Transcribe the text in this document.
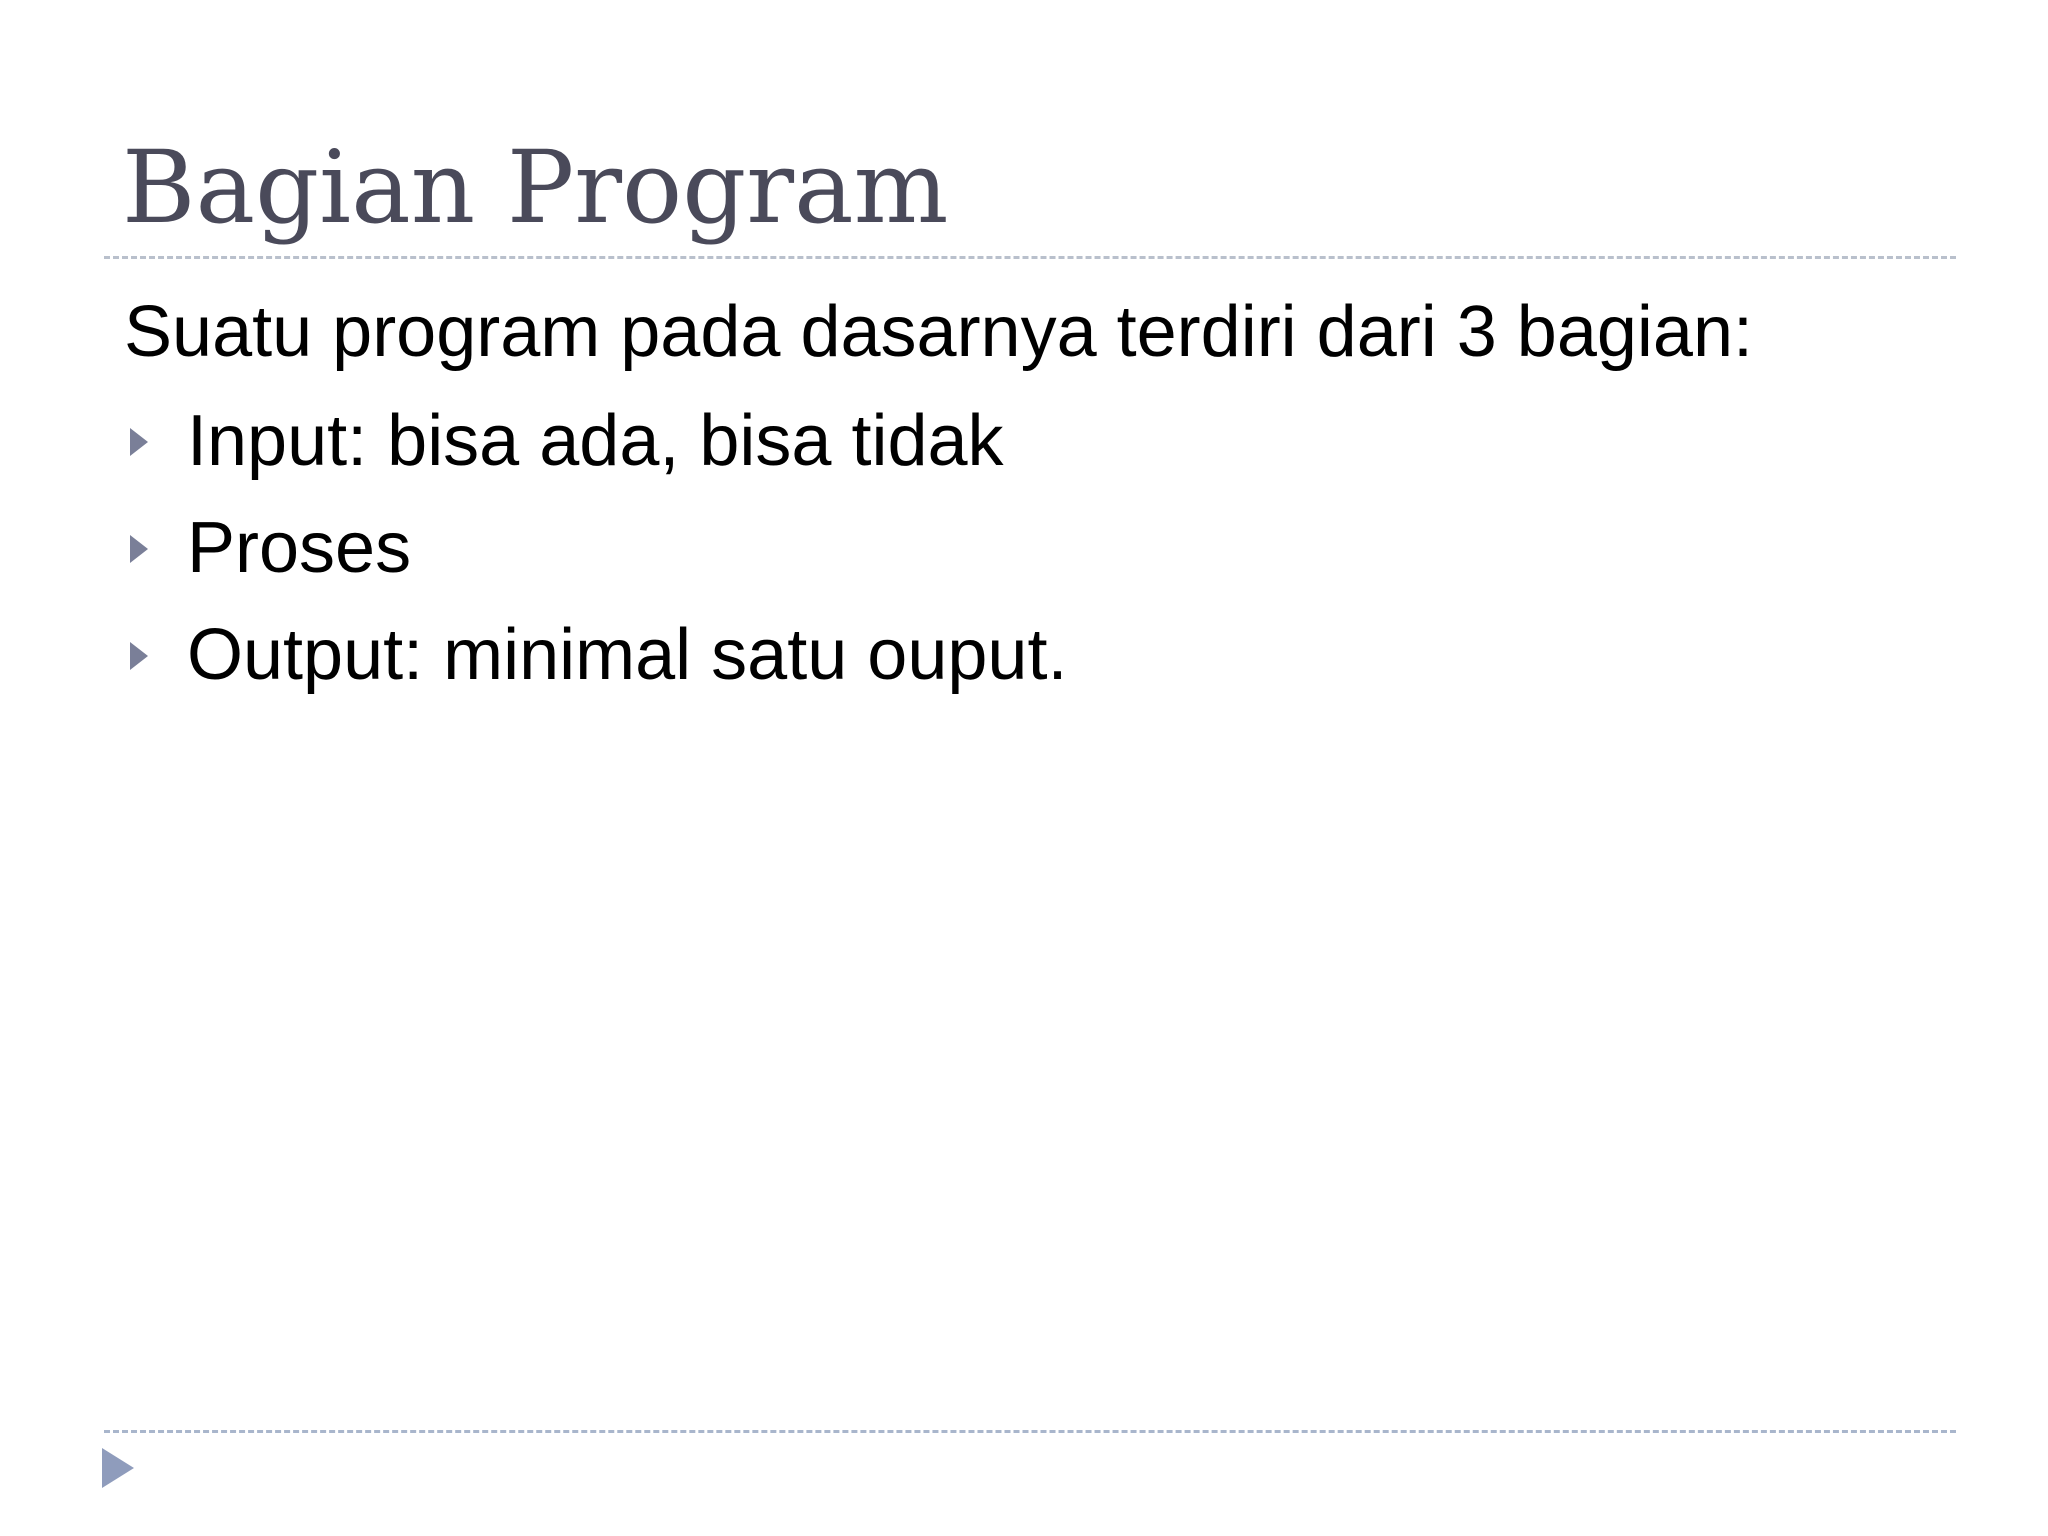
Bagian Program

Suatu program pada dasarnya terdiri dari 3 bagian:

Input: bisa ada, bisa tidak
Proses
Output: minimal satu ouput.
